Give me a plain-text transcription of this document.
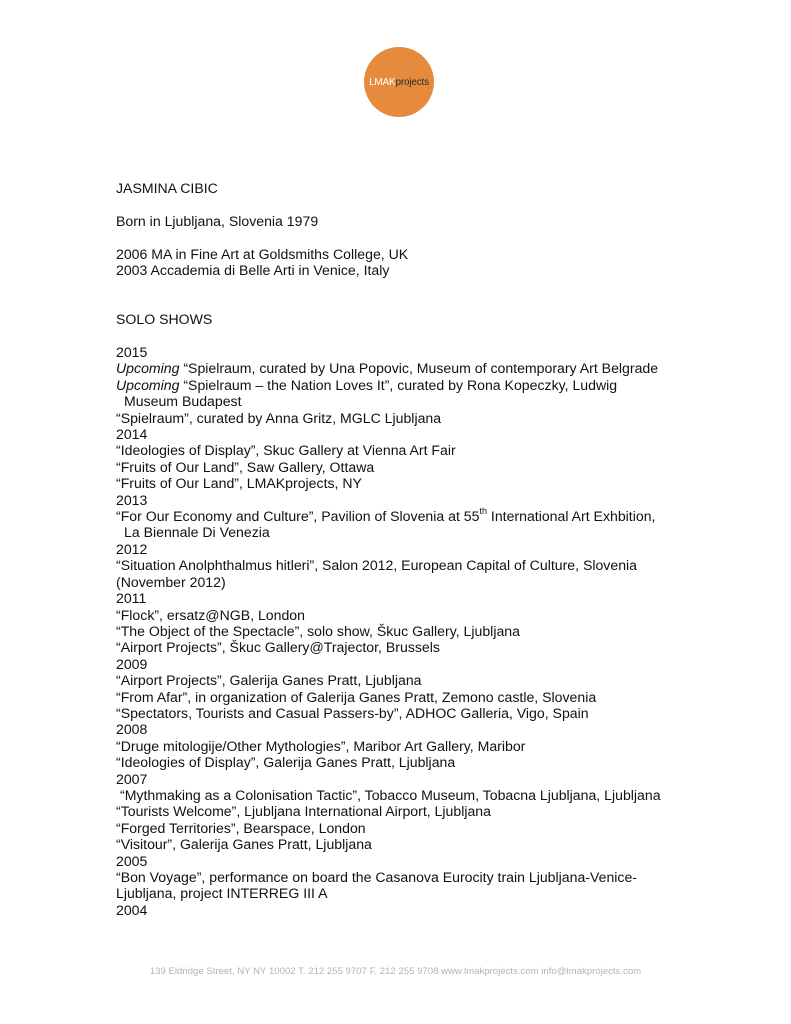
LMAK projects
JASMINA CIBIC
Born in Ljubljana, Slovenia 1979
2006 MA in Fine Art at Goldsmiths College, UK
2003 Accademia di Belle Arti in Venice, Italy
SOLO SHOWS
2015
Upcoming “Spielraum, curated by Una Popovic, Museum of contemporary Art Belgrade
Upcoming “Spielraum – the Nation Loves It”, curated by Rona Kopeczky, Ludwig
Museum Budapest
“Spielraum”, curated by Anna Gritz, MGLC Ljubljana
2014
“Ideologies of Display”, Skuc Gallery at Vienna Art Fair
“Fruits of Our Land”, Saw Gallery, Ottawa
“Fruits of Our Land”, LMAKprojects, NY
2013
“For Our Economy and Culture”, Pavilion of Slovenia at 55th International Art Exhbition,
La Biennale Di Venezia
2012
“Situation Anolphthalmus hitleri”, Salon 2012, European Capital of Culture, Slovenia
(November 2012)
2011
“Flock”, ersatz@NGB, London
“The Object of the Spectacle”, solo show, Škuc Gallery, Ljubljana
“Airport Projects”, Škuc Gallery@Trajector, Brussels
2009
“Airport Projects”, Galerija Ganes Pratt, Ljubljana
“From Afar”, in organization of Galerija Ganes Pratt, Zemono castle, Slovenia
“Spectators, Tourists and Casual Passers-by”, ADHOC Galleria, Vigo, Spain
2008
“Druge mitologije/Other Mythologies”, Maribor Art Gallery, Maribor
“Ideologies of Display”, Galerija Ganes Pratt, Ljubljana
2007
“Mythmaking as a Colonisation Tactic”, Tobacco Museum, Tobacna Ljubljana, Ljubljana
“Tourists Welcome”, Ljubljana International Airport, Ljubljana
“Forged Territories”, Bearspace, London
“Visitour”, Galerija Ganes Pratt, Ljubljana
2005
“Bon Voyage”, performance on board the Casanova Eurocity train Ljubljana-Venice-
Ljubljana, project INTERREG III A
2004
139 Eldridge Street, NY NY 10002 T. 212 255 9707 F. 212 255 9708 www.lmakprojects.com info@lmakprojects.com
